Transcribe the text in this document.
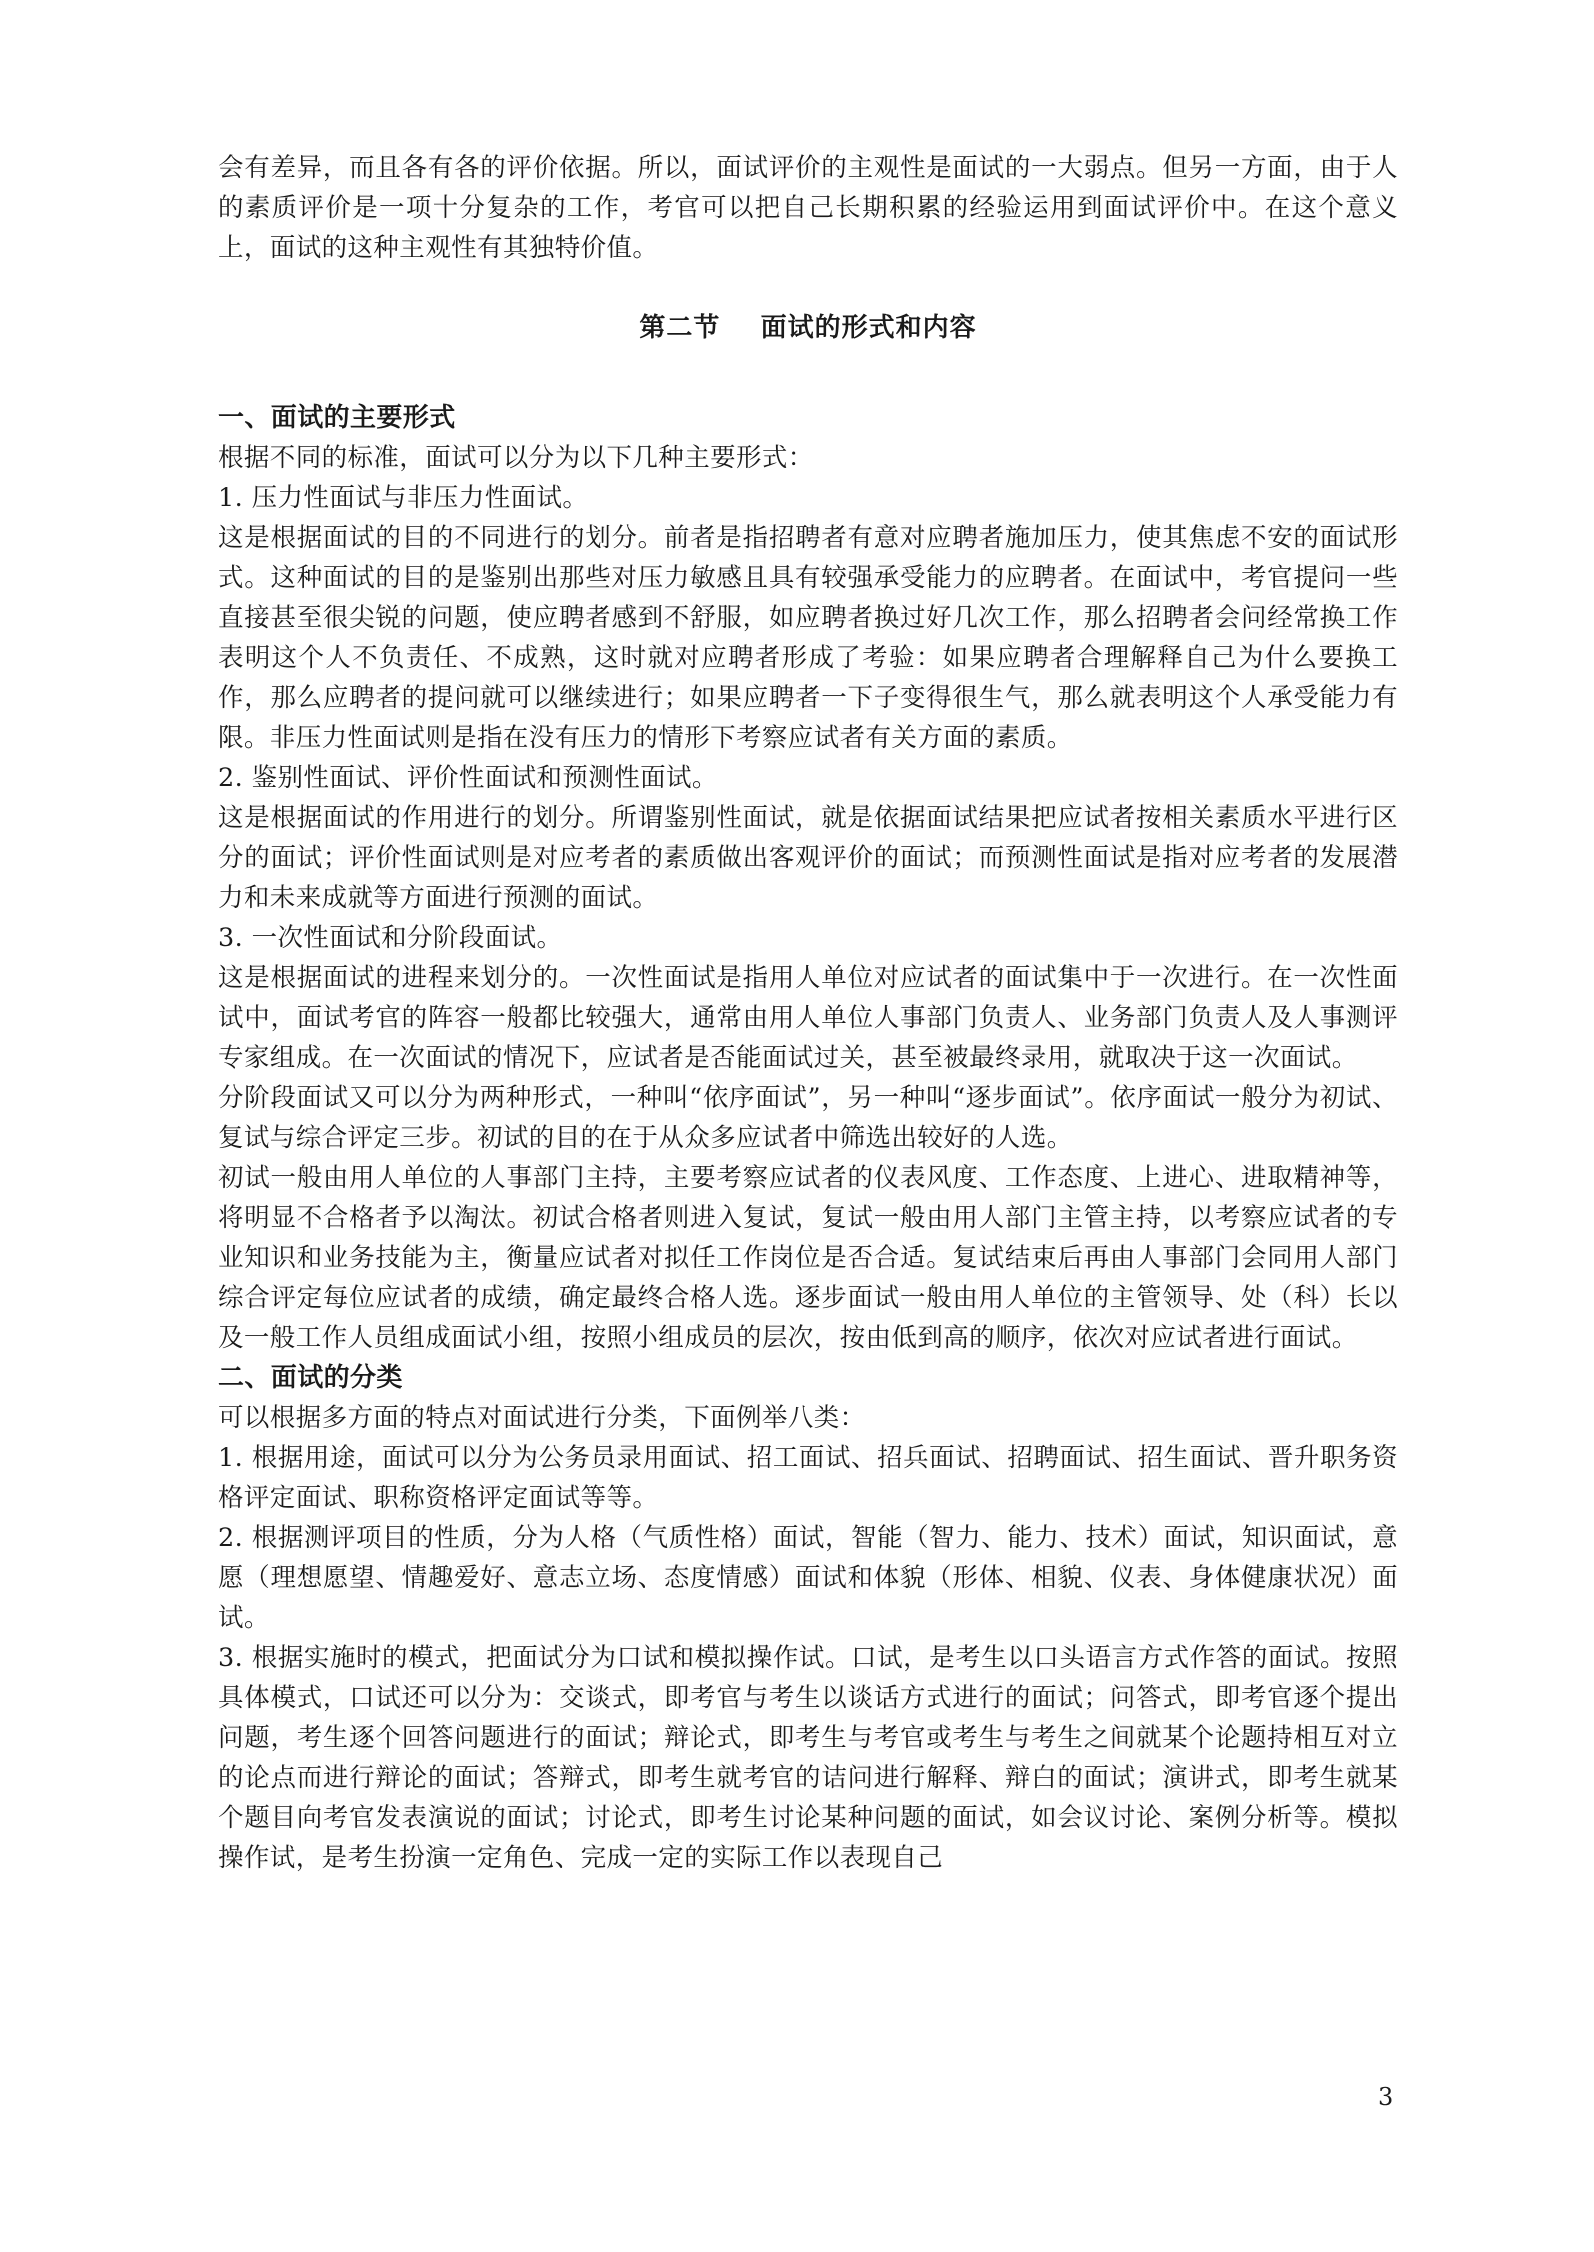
会有差异，而且各有各的评价依据。所以，面试评价的主观性是面试的一大弱点。但另一方面，由于人的素质评价是一项十分复杂的工作，考官可以把自己长期积累的经验运用到面试评价中。在这个意义上，面试的这种主观性有其独特价值。

第二节    面试的形式和内容

一、面试的主要形式

根据不同的标准，面试可以分为以下几种主要形式：

1. 压力性面试与非压力性面试。

这是根据面试的目的不同进行的划分。前者是指招聘者有意对应聘者施加压力，使其焦虑不安的面试形式。这种面试的目的是鉴别出那些对压力敏感且具有较强承受能力的应聘者。在面试中，考官提问一些直接甚至很尖锐的问题，使应聘者感到不舒服，如应聘者换过好几次工作，那么招聘者会问经常换工作表明这个人不负责任、不成熟，这时就对应聘者形成了考验：如果应聘者合理解释自己为什么要换工作，那么应聘者的提问就可以继续进行；如果应聘者一下子变得很生气，那么就表明这个人承受能力有限。非压力性面试则是指在没有压力的情形下考察应试者有关方面的素质。

2. 鉴别性面试、评价性面试和预测性面试。

这是根据面试的作用进行的划分。所谓鉴别性面试，就是依据面试结果把应试者按相关素质水平进行区分的面试；评价性面试则是对应考者的素质做出客观评价的面试；而预测性面试是指对应考者的发展潜力和未来成就等方面进行预测的面试。

3. 一次性面试和分阶段面试。

这是根据面试的进程来划分的。一次性面试是指用人单位对应试者的面试集中于一次进行。在一次性面试中，面试考官的阵容一般都比较强大，通常由用人单位人事部门负责人、业务部门负责人及人事测评专家组成。在一次面试的情况下，应试者是否能面试过关，甚至被最终录用，就取决于这一次面试。

分阶段面试又可以分为两种形式，一种叫“依序面试”，另一种叫“逐步面试”。依序面试一般分为初试、复试与综合评定三步。初试的目的在于从众多应试者中筛选出较好的人选。

初试一般由用人单位的人事部门主持，主要考察应试者的仪表风度、工作态度、上进心、进取精神等，将明显不合格者予以淘汰。初试合格者则进入复试，复试一般由用人部门主管主持，以考察应试者的专业知识和业务技能为主，衡量应试者对拟任工作岗位是否合适。复试结束后再由人事部门会同用人部门综合评定每位应试者的成绩，确定最终合格人选。逐步面试一般由用人单位的主管领导、处（科）长以及一般工作人员组成面试小组，按照小组成员的层次，按由低到高的顺序，依次对应试者进行面试。

二、面试的分类

可以根据多方面的特点对面试进行分类，下面例举八类：

1. 根据用途，面试可以分为公务员录用面试、招工面试、招兵面试、招聘面试、招生面试、晋升职务资格评定面试、职称资格评定面试等等。

2. 根据测评项目的性质，分为人格（气质性格）面试，智能（智力、能力、技术）面试，知识面试，意愿（理想愿望、情趣爱好、意志立场、态度情感）面试和体貌（形体、相貌、仪表、身体健康状况）面试。

3. 根据实施时的模式，把面试分为口试和模拟操作试。口试，是考生以口头语言方式作答的面试。按照具体模式，口试还可以分为：交谈式，即考官与考生以谈话方式进行的面试；问答式，即考官逐个提出问题，考生逐个回答问题进行的面试；辩论式，即考生与考官或考生与考生之间就某个论题持相互对立的论点而进行辩论的面试；答辩式，即考生就考官的诘问进行解释、辩白的面试；演讲式，即考生就某个题目向考官发表演说的面试；讨论式，即考生讨论某种问题的面试，如会议讨论、案例分析等。模拟操作试，是考生扮演一定角色、完成一定的实际工作以表现自己

3
